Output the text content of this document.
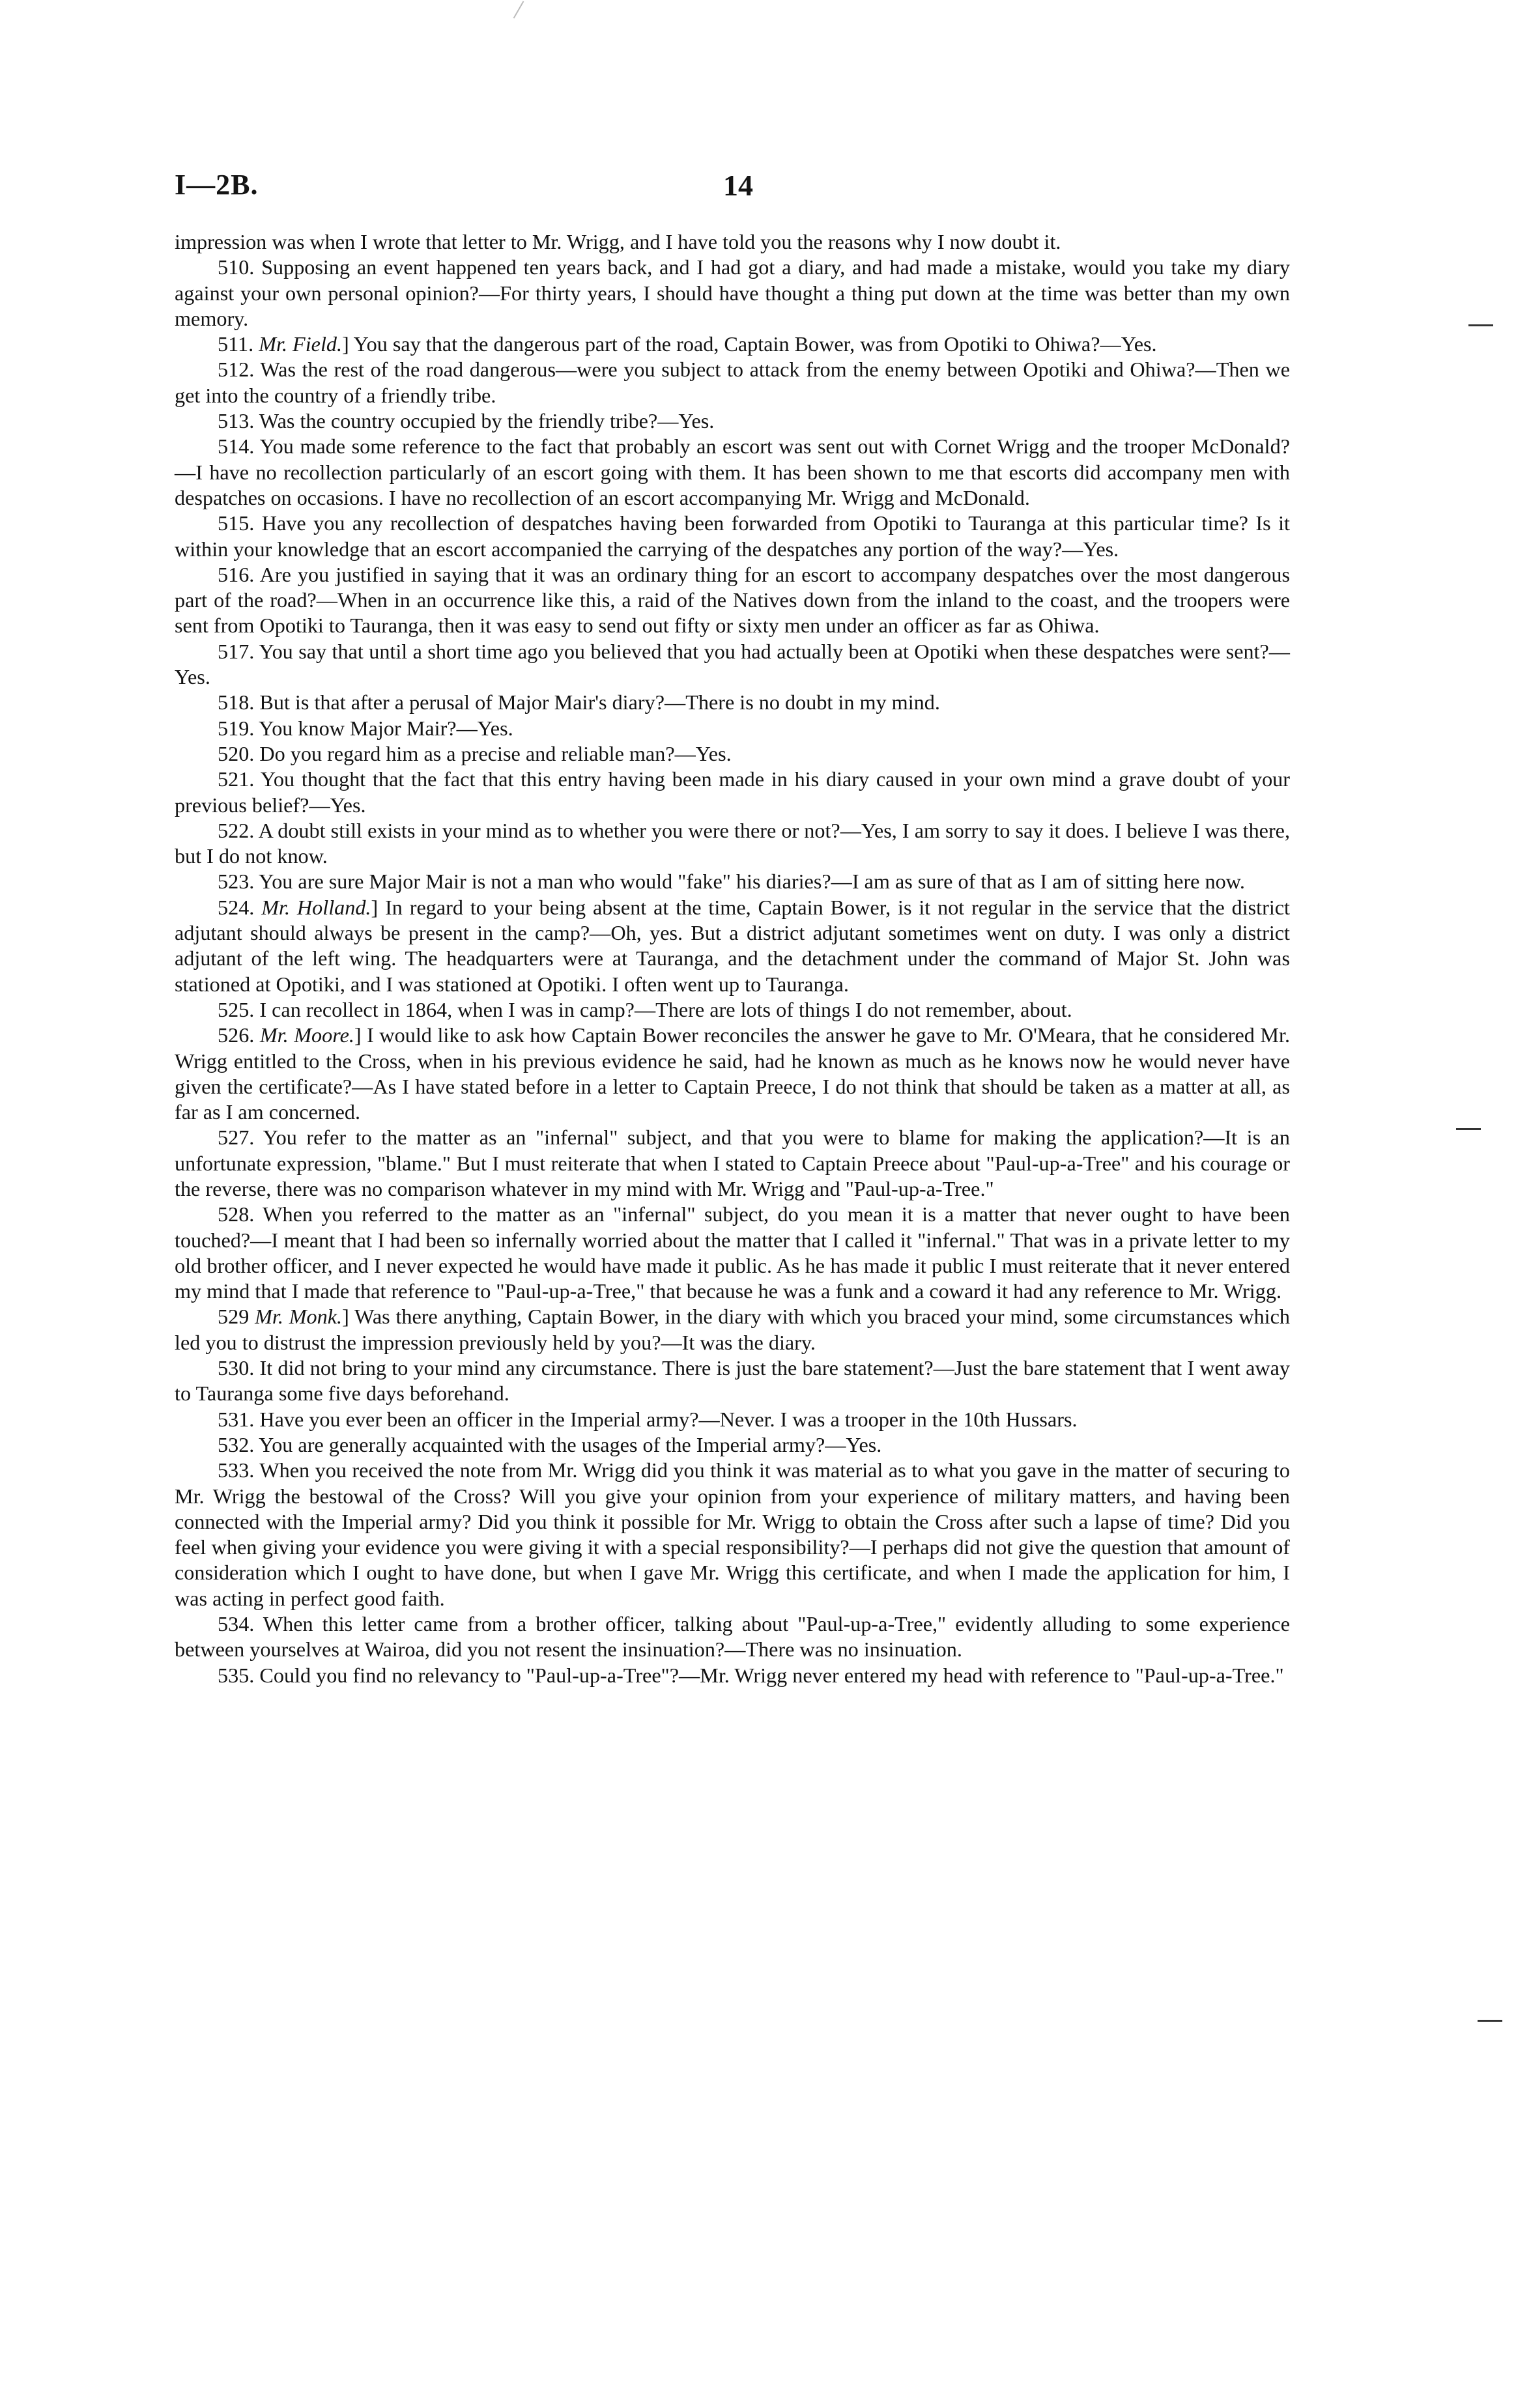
I—2B.	14

impression was when I wrote that letter to Mr. Wrigg, and I have told you the reasons why I now doubt it.

510. Supposing an event happened ten years back, and I had got a diary, and had made a mistake, would you take my diary against your own personal opinion?—For thirty years, I should have thought a thing put down at the time was better than my own memory.

511. Mr. Field.] You say that the dangerous part of the road, Captain Bower, was from Opotiki to Ohiwa?—Yes.

512. Was the rest of the road dangerous—were you subject to attack from the enemy between Opotiki and Ohiwa?—Then we get into the country of a friendly tribe.

513. Was the country occupied by the friendly tribe?—Yes.

514. You made some reference to the fact that probably an escort was sent out with Cornet Wrigg and the trooper McDonald?—I have no recollection particularly of an escort going with them. It has been shown to me that escorts did accompany men with despatches on occasions. I have no recollection of an escort accompanying Mr. Wrigg and McDonald.

515. Have you any recollection of despatches having been forwarded from Opotiki to Tauranga at this particular time? Is it within your knowledge that an escort accompanied the carrying of the despatches any portion of the way?—Yes.

516. Are you justified in saying that it was an ordinary thing for an escort to accompany despatches over the most dangerous part of the road?—When in an occurrence like this, a raid of the Natives down from the inland to the coast, and the troopers were sent from Opotiki to Tauranga, then it was easy to send out fifty or sixty men under an officer as far as Ohiwa.

517. You say that until a short time ago you believed that you had actually been at Opotiki when these despatches were sent?—Yes.

518. But is that after a perusal of Major Mair's diary?—There is no doubt in my mind.

519. You know Major Mair?—Yes.

520. Do you regard him as a precise and reliable man?—Yes.

521. You thought that the fact that this entry having been made in his diary caused in your own mind a grave doubt of your previous belief?—Yes.

522. A doubt still exists in your mind as to whether you were there or not?—Yes, I am sorry to say it does. I believe I was there, but I do not know.

523. You are sure Major Mair is not a man who would "fake" his diaries?—I am as sure of that as I am of sitting here now.

524. Mr. Holland.] In regard to your being absent at the time, Captain Bower, is it not regular in the service that the district adjutant should always be present in the camp?—Oh, yes. But a district adjutant sometimes went on duty. I was only a district adjutant of the left wing. The headquarters were at Tauranga, and the detachment under the command of Major St. John was stationed at Opotiki, and I was stationed at Opotiki. I often went up to Tauranga.

525. I can recollect in 1864, when I was in camp?—There are lots of things I do not remember, about.

526. Mr. Moore.] I would like to ask how Captain Bower reconciles the answer he gave to Mr. O'Meara, that he considered Mr. Wrigg entitled to the Cross, when in his previous evidence he said, had he known as much as he knows now he would never have given the certificate?—As I have stated before in a letter to Captain Preece, I do not think that should be taken as a matter at all, as far as I am concerned.

527. You refer to the matter as an "infernal" subject, and that you were to blame for making the application?—It is an unfortunate expression, "blame." But I must reiterate that when I stated to Captain Preece about "Paul-up-a-Tree" and his courage or the reverse, there was no comparison whatever in my mind with Mr. Wrigg and "Paul-up-a-Tree."

528. When you referred to the matter as an "infernal" subject, do you mean it is a matter that never ought to have been touched?—I meant that I had been so infernally worried about the matter that I called it "infernal." That was in a private letter to my old brother officer, and I never expected he would have made it public. As he has made it public I must reiterate that it never entered my mind that I made that reference to "Paul-up-a-Tree," that because he was a funk and a coward it had any reference to Mr. Wrigg.

529 Mr. Monk.] Was there anything, Captain Bower, in the diary with which you braced your mind, some circumstances which led you to distrust the impression previously held by you?—It was the diary.

530. It did not bring to your mind any circumstance. There is just the bare statement?—Just the bare statement that I went away to Tauranga some five days beforehand.

531. Have you ever been an officer in the Imperial army?—Never. I was a trooper in the 10th Hussars.

532. You are generally acquainted with the usages of the Imperial army?—Yes.

533. When you received the note from Mr. Wrigg did you think it was material as to what you gave in the matter of securing to Mr. Wrigg the bestowal of the Cross? Will you give your opinion from your experience of military matters, and having been connected with the Imperial army? Did you think it possible for Mr. Wrigg to obtain the Cross after such a lapse of time? Did you feel when giving your evidence you were giving it with a special responsibility?—I perhaps did not give the question that amount of consideration which I ought to have done, but when I gave Mr. Wrigg this certificate, and when I made the application for him, I was acting in perfect good faith.

534. When this letter came from a brother officer, talking about "Paul-up-a-Tree," evidently alluding to some experience between yourselves at Wairoa, did you not resent the insinuation?—There was no insinuation.

535. Could you find no relevancy to "Paul-up-a-Tree"?—Mr. Wrigg never entered my head with reference to "Paul-up-a-Tree."
